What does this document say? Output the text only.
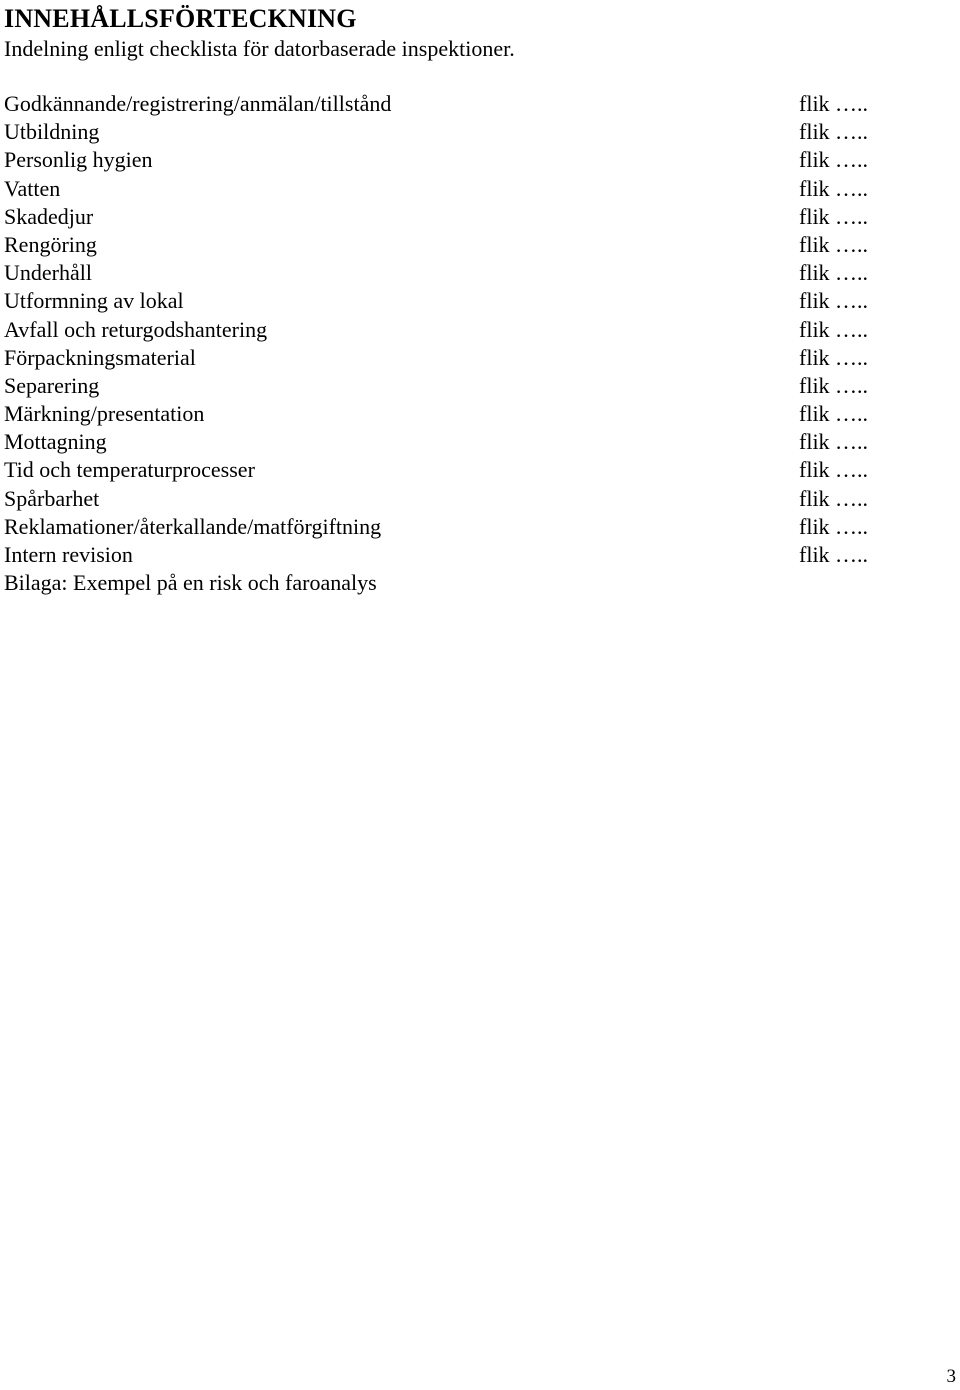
INNEHÅLLSFÖRTECKNING
Indelning enligt checklista för datorbaserade inspektioner.
Godkännande/registrering/anmälan/tillstånd	flik …..
Utbildning	flik …..
Personlig hygien	flik …..
Vatten	flik …..
Skadedjur	flik …..
Rengöring	flik …..
Underhåll	flik …..
Utformning av lokal	flik …..
Avfall och returgodshantering	flik …..
Förpackningsmaterial	flik …..
Separering	flik …..
Märkning/presentation	flik …..
Mottagning	flik …..
Tid och temperaturprocesser	flik …..
Spårbarhet	flik …..
Reklamationer/återkallande/matförgiftning	flik …..
Intern revision	flik …..
Bilaga: Exempel på en risk och faroanalys
3
